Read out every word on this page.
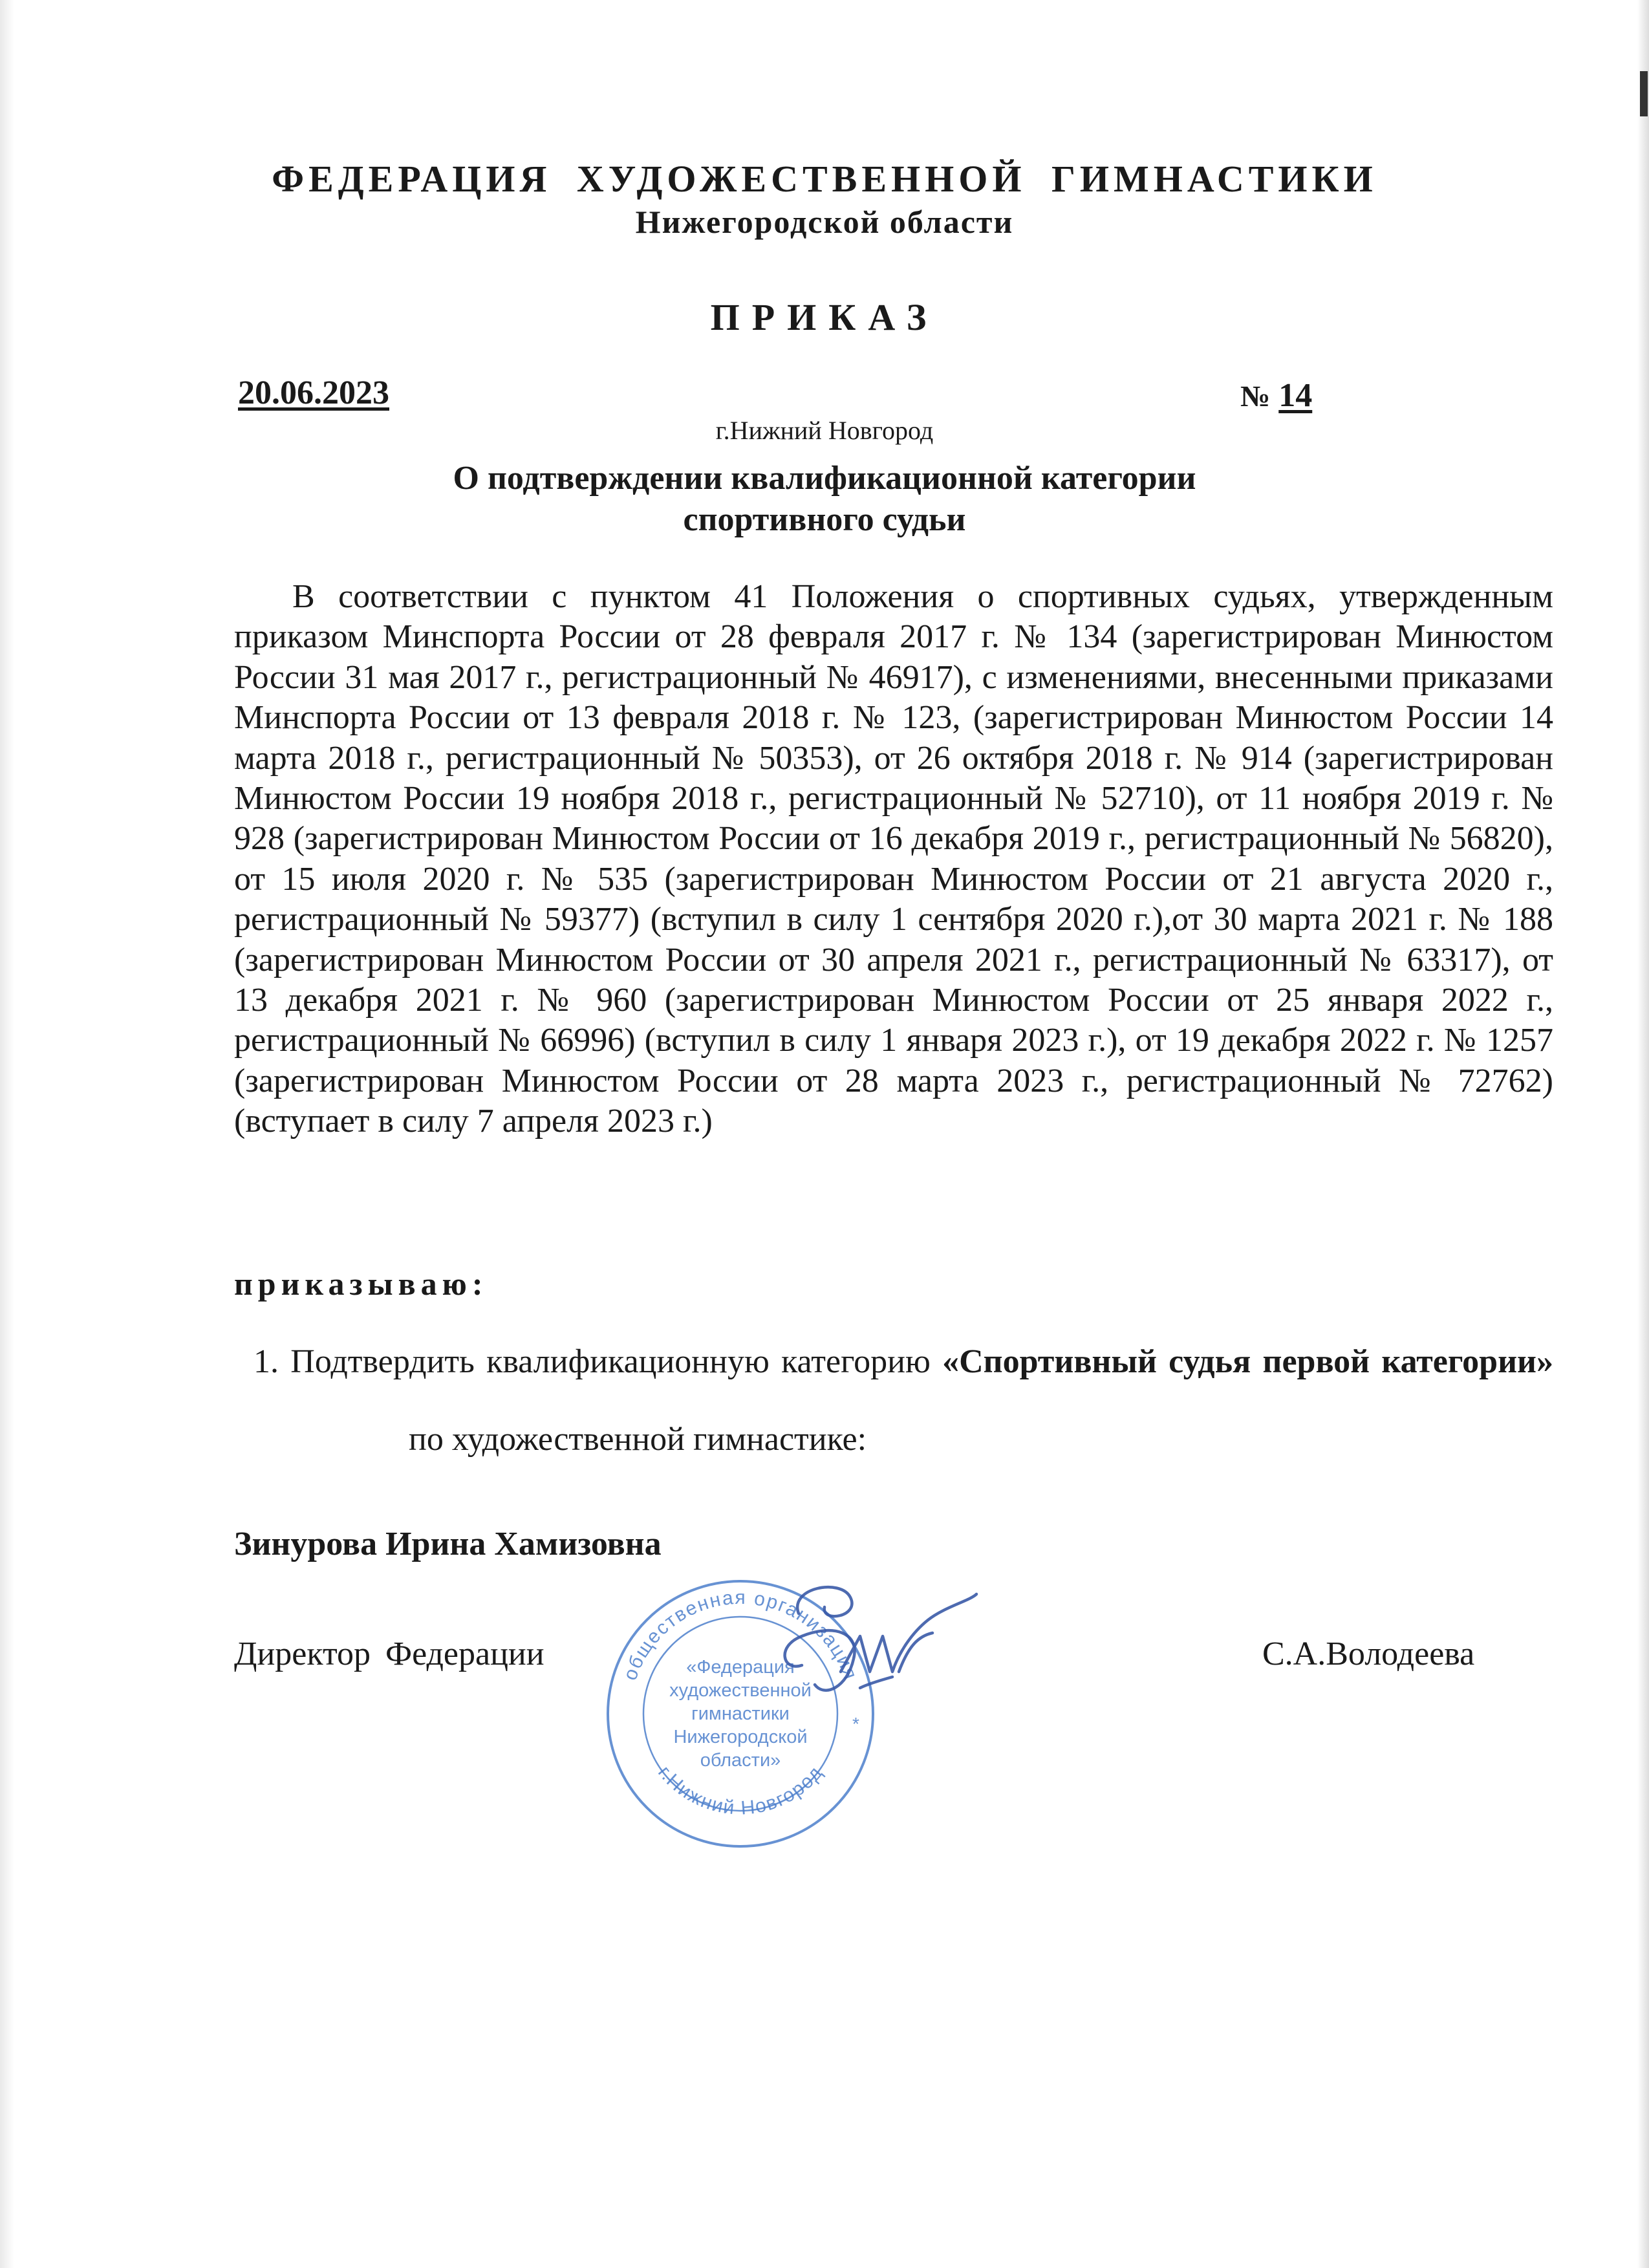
ФЕДЕРАЦИЯ ХУДОЖЕСТВЕННОЙ ГИМНАСТИКИ
Нижегородской области
ПРИКАЗ
20.06.2023	№ 14
г.Нижний Новгород
О подтверждении квалификационной категории
спортивного судьи
В соответствии с пунктом 41 Положения о спортивных судьях, утвержденным приказом Минспорта России от 28 февраля 2017 г. № 134 (зарегистрирован Минюстом России 31 мая 2017 г., регистрационный № 46917), с изменениями, внесенными приказами Минспорта России от 13 февраля 2018 г. № 123, (зарегистрирован Минюстом России 14 марта 2018 г., регистрационный № 50353), от 26 октября 2018 г. № 914 (зарегистрирован Минюстом России 19 ноября 2018 г., регистрационный № 52710), от 11 ноября 2019 г. № 928 (зарегистрирован Минюстом России от 16 декабря 2019 г., регистрационный № 56820), от 15 июля 2020 г. № 535 (зарегистрирован Минюстом России от 21 августа 2020 г., регистрационный № 59377) (вступил в силу 1 сентября 2020 г.),от 30 марта 2021 г. № 188 (зарегистрирован Минюстом России от 30 апреля 2021 г., регистрационный № 63317), от 13 декабря 2021 г. № 960 (зарегистрирован Минюстом России от 25 января 2022 г., регистрационный № 66996) (вступил в силу 1 января 2023 г.), от 19 декабря 2022 г. № 1257 (зарегистрирован Минюстом России от 28 марта 2023 г., регистрационный № 72762) (вступает в силу 7 апреля 2023 г.)
приказываю:
1. Подтвердить квалификационную категорию «Спортивный судья первой категории»по художественной гимнастике:
Зинурова Ирина Хамизовна
Директор Федерации	С.А.Володеева
общественная организация
г.Нижний Новгород
«Федерация
художественной
гимнастики
Нижегородской
области»
*
